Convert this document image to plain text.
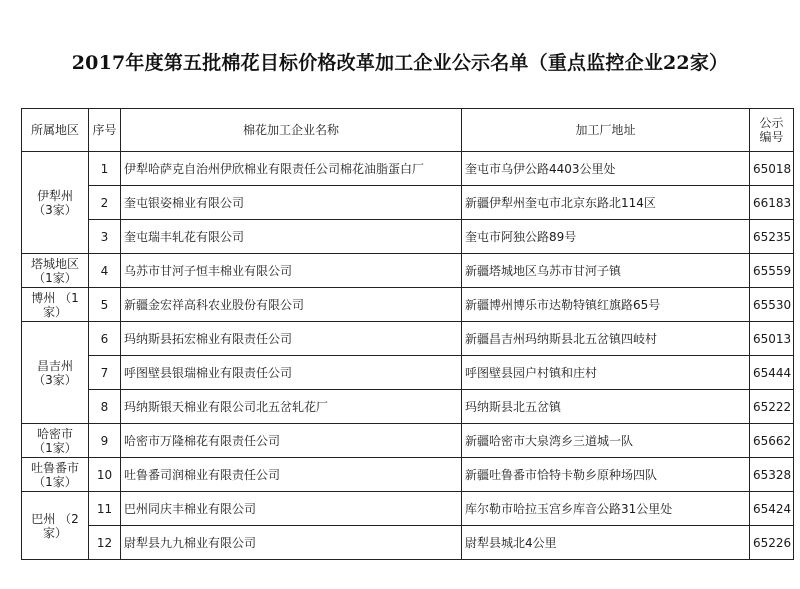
2017年度第五批棉花目标价格改革加工企业公示名单（重点监控企业22家）
所属地区	序号	棉花加工企业名称	加工厂地址	公示编号
伊犁州
（3家）	1	伊犁哈萨克自治州伊欣棉业有限责任公司棉花油脂蛋白厂	奎屯市乌伊公路4403公里处	65018
	2	奎屯银姿棉业有限公司	新疆伊犁州奎屯市北京东路北114区	66183
	3	奎屯瑞丰轧花有限公司	奎屯市阿独公路89号	65235
塔城地区
（1家）	4	乌苏市甘河子恒丰棉业有限公司	新疆塔城地区乌苏市甘河子镇	65559
博州 （1
家）	5	新疆金宏祥高科农业股份有限公司	新疆博州博乐市达勒特镇红旗路65号	65530
昌吉州
（3家）	6	玛纳斯县拓宏棉业有限责任公司	新疆昌吉州玛纳斯县北五岔镇四岐村	65013
	7	呼图壁县银瑞棉业有限责任公司	呼图壁县园户村镇和庄村	65444
	8	玛纳斯银天棉业有限公司北五岔轧花厂	玛纳斯县北五岔镇	65222
哈密市
（1家）	9	哈密市万隆棉花有限责任公司	新疆哈密市大泉湾乡三道城一队	65662
吐鲁番市
（1家）	10	吐鲁番司润棉业有限责任公司	新疆吐鲁番市恰特卡勒乡原种场四队	65328
巴州 （2
家）	11	巴州同庆丰棉业有限公司	库尔勒市哈拉玉宫乡库音公路31公里处	65424
	12	尉犁县九九棉业有限公司	尉犁县城北4公里	65226
